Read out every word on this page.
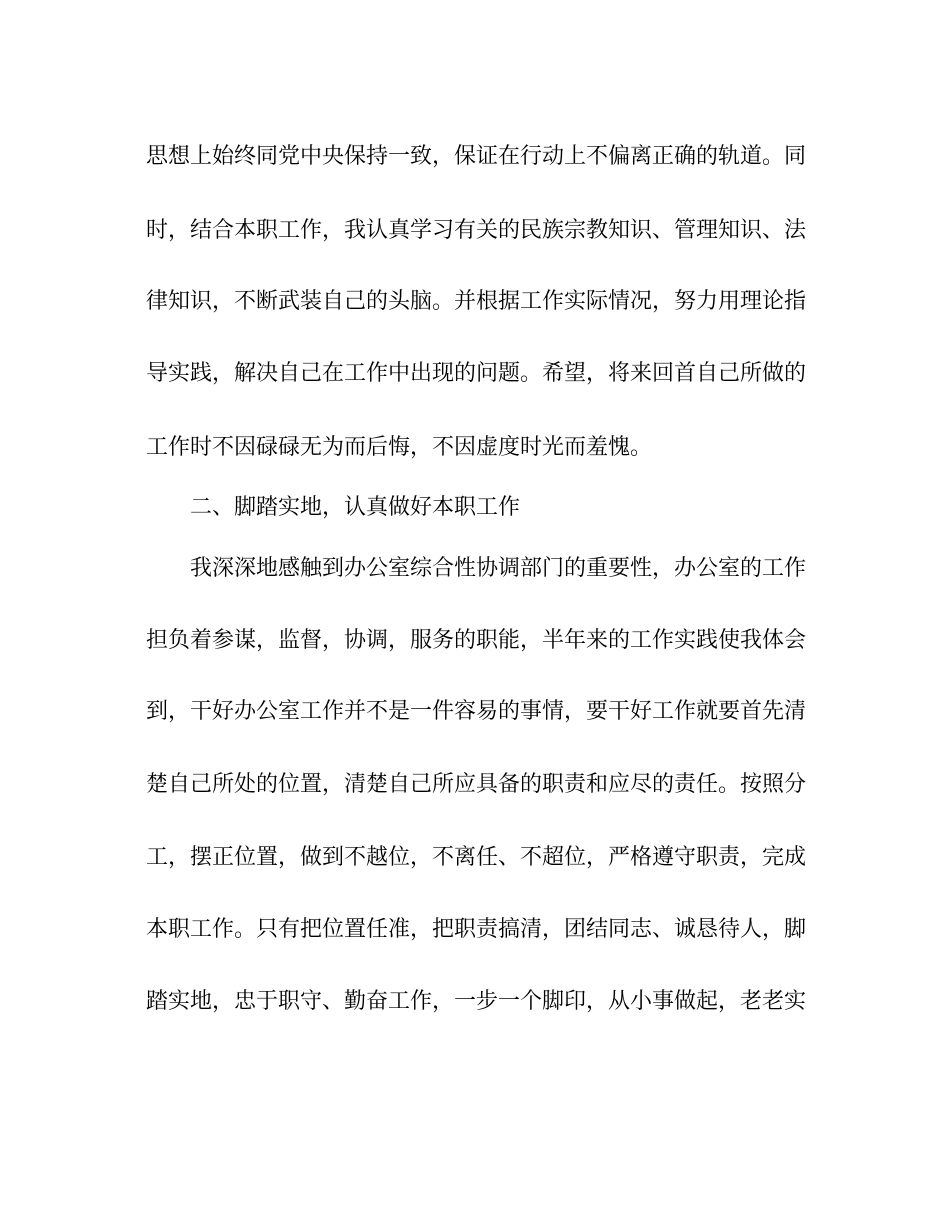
思想上始终同党中央保持一致，保证在行动上不偏离正确的轨道。同
时，结合本职工作，我认真学习有关的民族宗教知识、管理知识、法
律知识，不断武装自己的头脑。并根据工作实际情况，努力用理论指
导实践，解决自己在工作中出现的问题。希望，将来回首自己所做的
工作时不因碌碌无为而后悔，不因虚度时光而羞愧。
二、脚踏实地，认真做好本职工作
我深深地感触到办公室综合性协调部门的重要性，办公室的工作
担负着参谋，监督，协调，服务的职能，半年来的工作实践使我体会
到，干好办公室工作并不是一件容易的事情，要干好工作就要首先清
楚自己所处的位置，清楚自己所应具备的职责和应尽的责任。按照分
工，摆正位置，做到不越位，不离任、不超位，严格遵守职责，完成
本职工作。只有把位置任准，把职责搞清，团结同志、诚恳待人，脚
踏实地，忠于职守、勤奋工作，一步一个脚印，从小事做起，老老实
